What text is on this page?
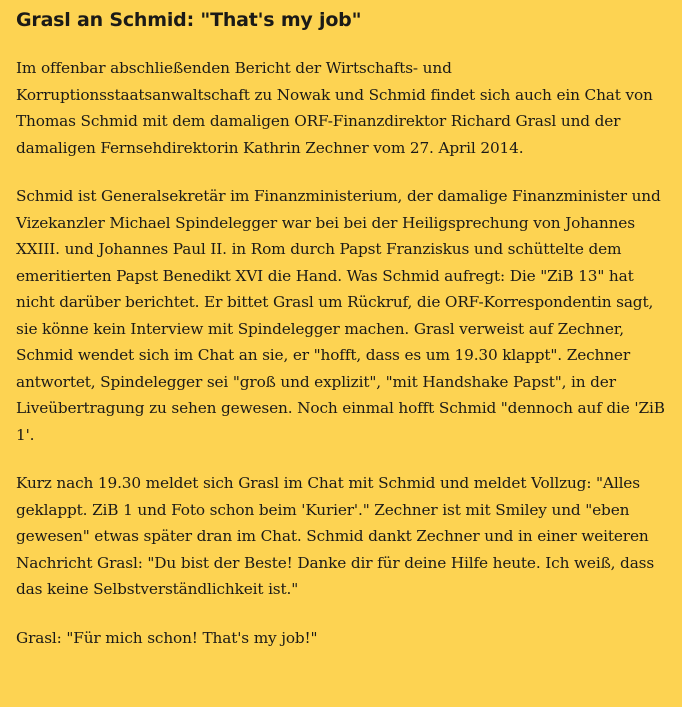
Grasl an Schmid: "That's my job"

Im offenbar abschließenden Bericht der Wirtschafts- und Korruptionsstaatsanwaltschaft zu Nowak und Schmid findet sich auch ein Chat von Thomas Schmid mit dem damaligen ORF-Finanzdirektor Richard Grasl und der damaligen Fernsehdirektorin Kathrin Zechner vom 27. April 2014.

Schmid ist Generalsekretär im Finanzministerium, der damalige Finanzminister und Vizekanzler Michael Spindelegger war bei bei der Heiligsprechung von Johannes XXIII. und Johannes Paul II. in Rom durch Papst Franziskus und schüttelte dem emeritierten Papst Benedikt XVI die Hand. Was Schmid aufregt: Die "ZiB 13" hat nicht darüber berichtet. Er bittet Grasl um Rückruf, die ORF-Korrespondentin sagt, sie könne kein Interview mit Spindelegger machen. Grasl verweist auf Zechner, Schmid wendet sich im Chat an sie, er "hofft, dass es um 19.30 klappt". Zechner antwortet, Spindelegger sei "groß und explizit", "mit Handshake Papst", in der Liveübertragung zu sehen gewesen. Noch einmal hofft Schmid "dennoch auf die 'ZiB 1'.

Kurz nach 19.30 meldet sich Grasl im Chat mit Schmid und meldet Vollzug: "Alles geklappt. ZiB 1 und Foto schon beim 'Kurier'." Zechner ist mit Smiley und "eben gewesen" etwas später dran im Chat. Schmid dankt Zechner und in einer weiteren Nachricht Grasl: "Du bist der Beste! Danke dir für deine Hilfe heute. Ich weiß, dass das keine Selbstverständlichkeit ist."

Grasl: "Für mich schon! That's my job!"
